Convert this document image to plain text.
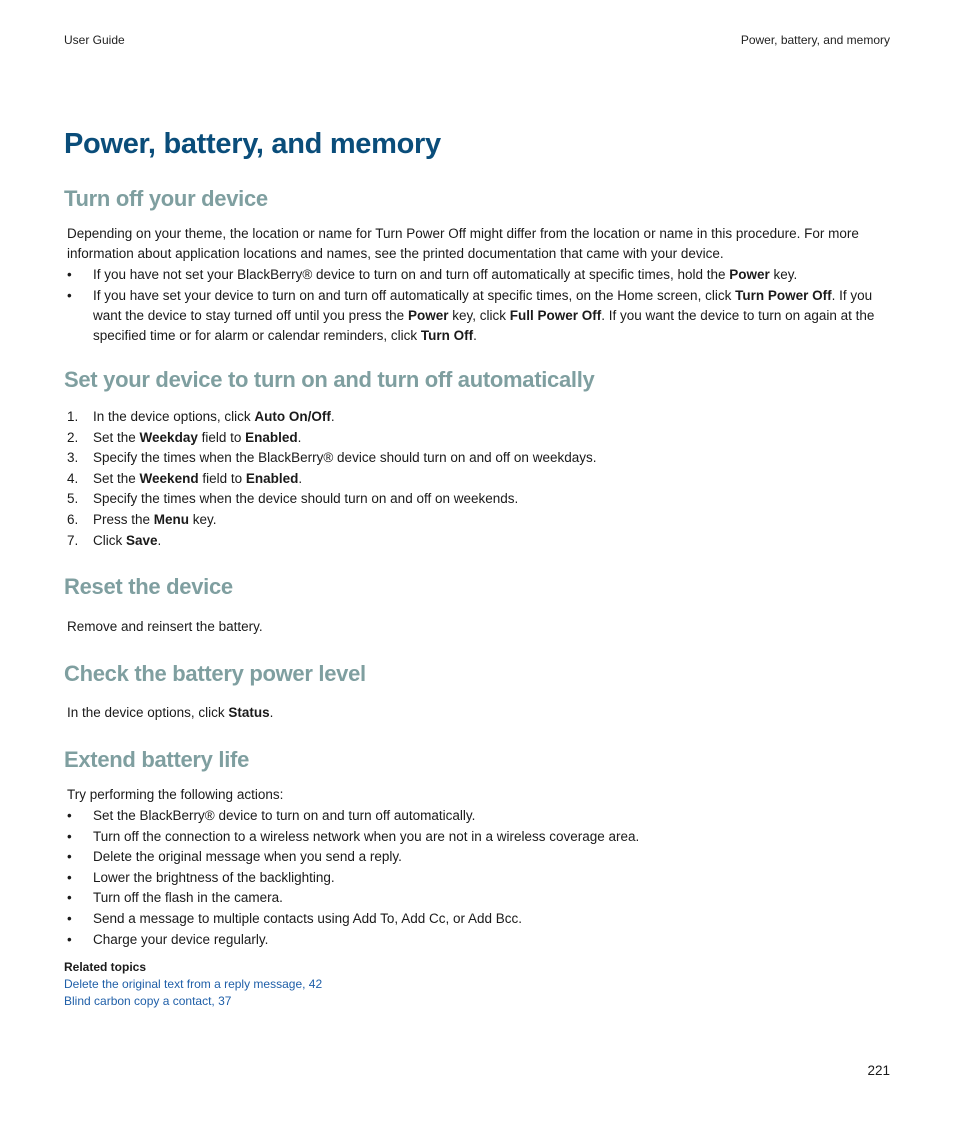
User Guide	Power, battery, and memory
Power, battery, and memory
Turn off your device

Depending on your theme, the location or name for Turn Power Off might differ from the location or name in this procedure. For more information about application locations and names, see the printed documentation that came with your device.

•	If you have not set your BlackBerry® device to turn on and turn off automatically at specific times, hold the Power key.
•	If you have set your device to turn on and turn off automatically at specific times, on the Home screen, click Turn Power Off. If you want the device to stay turned off until you press the Power key, click Full Power Off. If you want the device to turn on again at the specified time or for alarm or calendar reminders, click Turn Off.
Set your device to turn on and turn off automatically
1.	In the device options, click Auto On/Off.
2.	Set the Weekday field to Enabled.
3.	Specify the times when the BlackBerry® device should turn on and off on weekdays.
4.	Set the Weekend field to Enabled.
5.	Specify the times when the device should turn on and off on weekends.
6.	Press the Menu key.
7.	Click Save.
Reset the device

Remove and reinsert the battery.

Check the battery power level

In the device options, click Status.

Extend battery life

Try performing the following actions:

•	Set the BlackBerry® device to turn on and turn off automatically.
•	Turn off the connection to a wireless network when you are not in a wireless coverage area.
•	Delete the original message when you send a reply.
•	Lower the brightness of the backlighting.
•	Turn off the flash in the camera.
•	Send a message to multiple contacts using Add To, Add Cc, or Add Bcc.
•	Charge your device regularly.
Related topics
Delete the original text from a reply message, 42
Blind carbon copy a contact, 37
221
